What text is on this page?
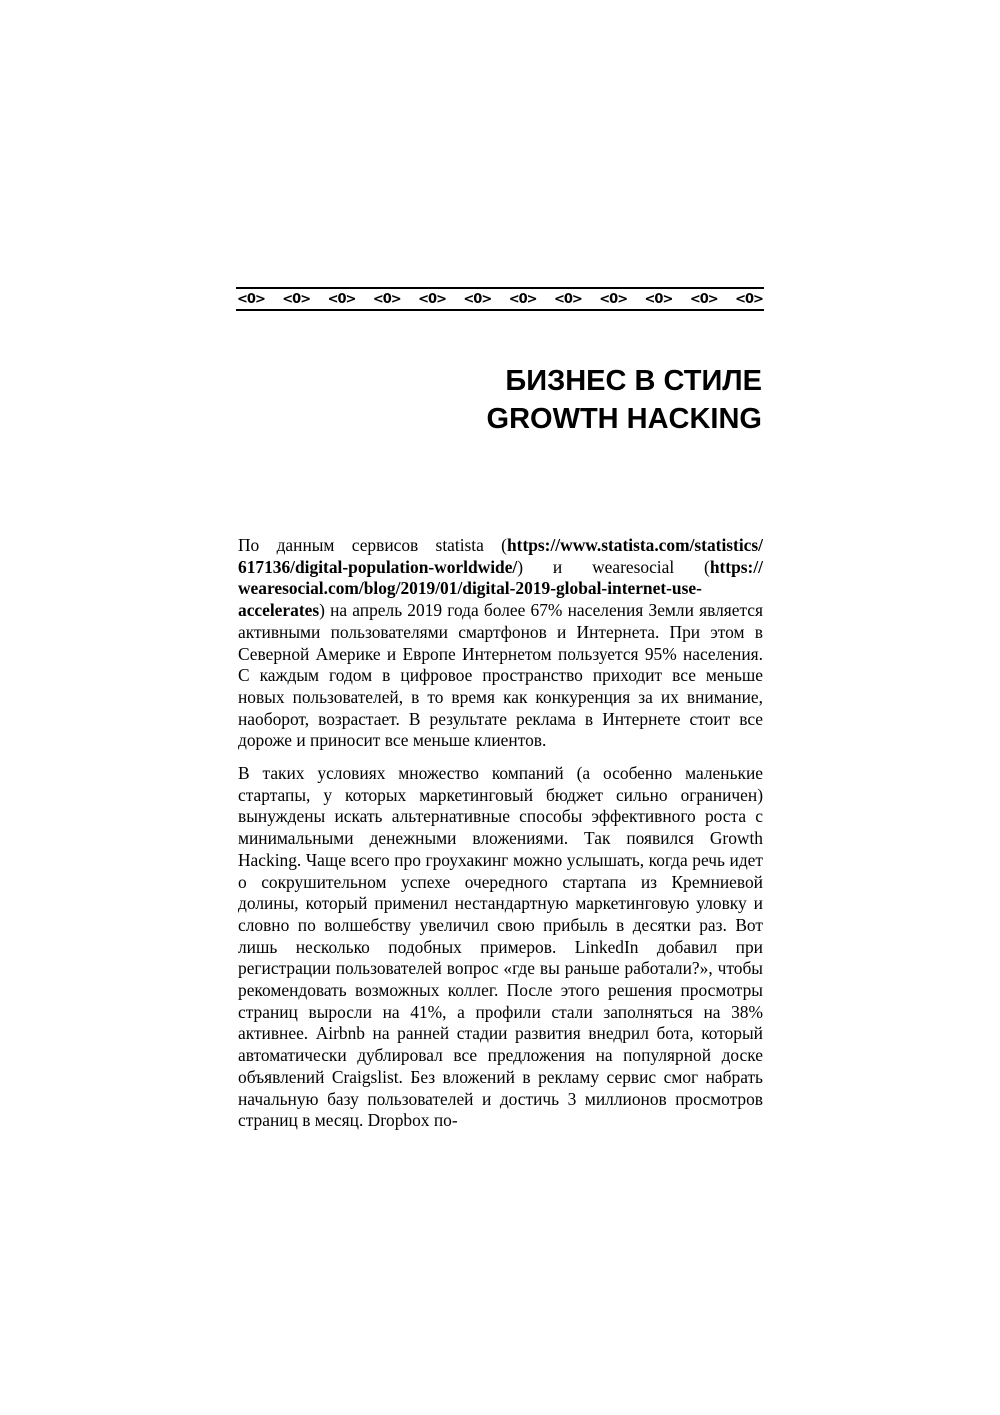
<0> <0> <0> <0> <0> <0> <0> <0> <0> <0> <0> <0>
БИЗНЕС В СТИЛЕ
GROWTH HACKING

По данным сервисов statista (https:/​/​www.statista.com/​statistics/​617136/​digital-population-worldwide/​) и wearesocial (https:/​/​wearesocial.com/​blog/​2019/​01/​digital-2019-global-internet-use-accelerates) на апрель 2019 года более 67% населения Земли является активными пользователями смартфонов и Интернета. При этом в Северной Америке и Европе Интернетом пользуется 95% населения. С каждым годом в цифровое пространство приходит все меньше новых пользователей, в то время как конкуренция за их внимание, наоборот, возрастает. В результате реклама в Интернете стоит все дороже и приносит все меньше клиентов.

В таких условиях множество компаний (а особенно маленькие стартапы, у которых маркетинговый бюджет сильно ограничен) вынуждены искать альтернативные способы эффективного роста с минимальными денежными вложениями. Так появился Growth Hacking. Чаще всего про гроухакинг можно услышать, когда речь идет о сокрушительном успехе очередного стартапа из Кремниевой долины, который применил нестандартную маркетинговую уловку и словно по волшебству увеличил свою прибыль в десятки раз. Вот лишь несколько подобных примеров. LinkedIn добавил при регистрации пользователей вопрос «где вы раньше работали?», чтобы рекомендовать возможных коллег. После этого решения просмотры страниц выросли на 41%, а профили стали заполняться на 38% активнее. Airbnb на ранней стадии развития внедрил бота, который автоматически дублировал все предложения на популярной доске объявлений Craigslist. Без вложений в рекламу сервис смог набрать начальную базу пользователей и достичь 3 миллионов просмотров страниц в месяц. Dropbox по-
